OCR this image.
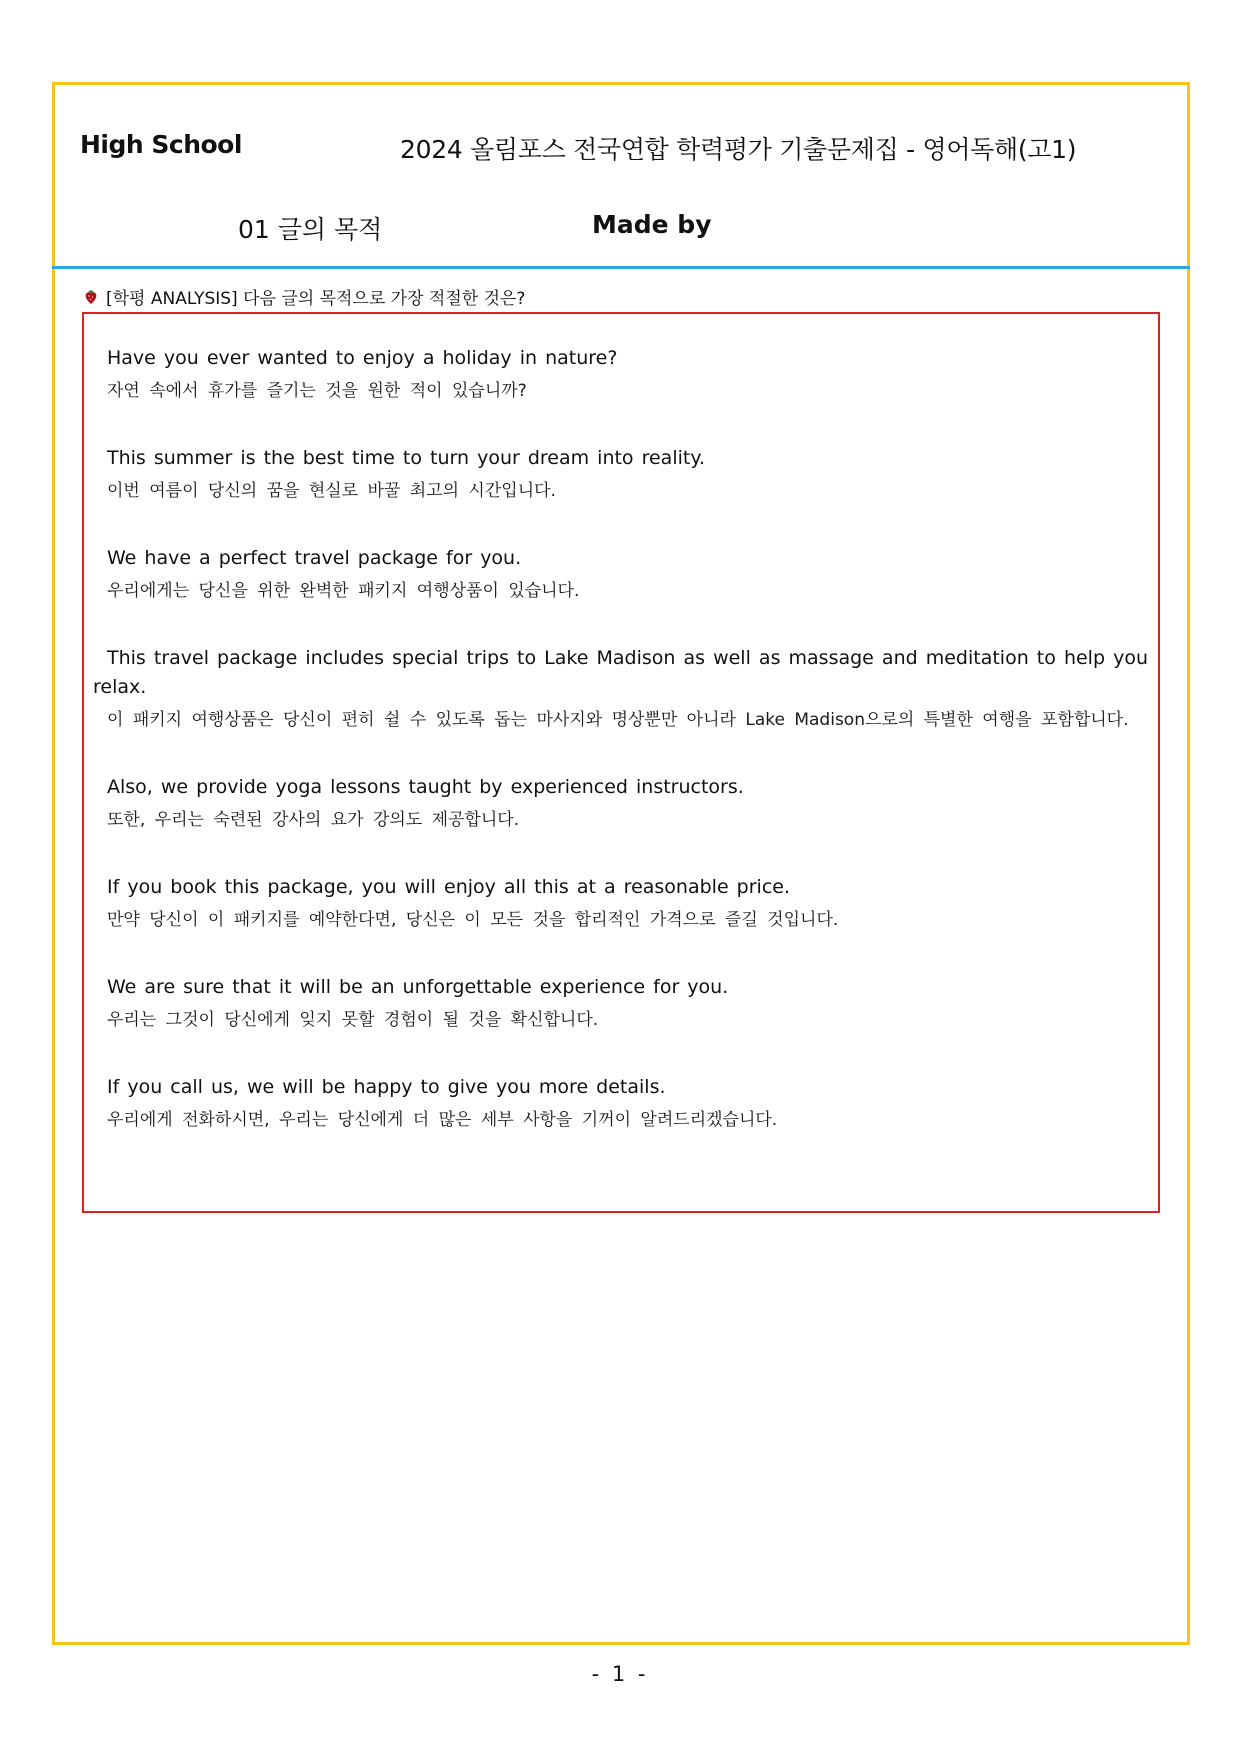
High School	2024 올림포스 전국연합 학력평가 기출문제집 - 영어독해(고1)
01 글의 목적	Made by
[학평 ANALYSIS] 다음 글의 목적으로 가장 적절한 것은?
Have you ever wanted to enjoy a holiday in nature?
자연 속에서 휴가를 즐기는 것을 원한 적이 있습니까?
This summer is the best time to turn your dream into reality.
이번 여름이 당신의 꿈을 현실로 바꿀 최고의 시간입니다.
We have a perfect travel package for you.
우리에게는 당신을 위한 완벽한 패키지 여행상품이 있습니다.
This travel package includes special trips to Lake Madison as well as massage and meditation to help you relax.
이 패키지 여행상품은 당신이 편히 쉴 수 있도록 돕는 마사지와 명상뿐만 아니라 Lake Madison으로의 특별한 여행을 포함합니다.
Also, we provide yoga lessons taught by experienced instructors.
또한, 우리는 숙련된 강사의 요가 강의도 제공합니다.
If you book this package, you will enjoy all this at a reasonable price.
만약 당신이 이 패키지를 예약한다면, 당신은 이 모든 것을 합리적인 가격으로 즐길 것입니다.
We are sure that it will be an unforgettable experience for you.
우리는 그것이 당신에게 잊지 못할 경험이 될 것을 확신합니다.
If you call us, we will be happy to give you more details.
우리에게 전화하시면, 우리는 당신에게 더 많은 세부 사항을 기꺼이 알려드리겠습니다.
- 1 -
